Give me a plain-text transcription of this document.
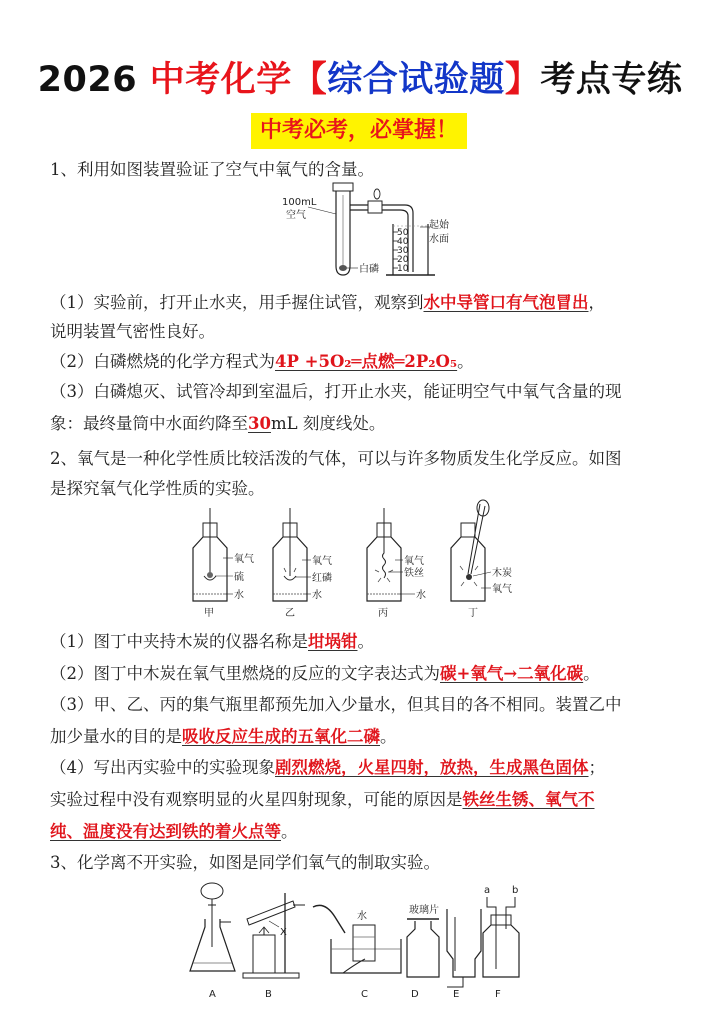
2026 中考化学【综合试验题】考点专练
中考必考，必掌握！
1、利用如图装置验证了空气中氧气的含量。
50
40
30
20
10
100mL
空气
白磷
起始
水面
（1）实验前，打开止水夹，用手握住试管，观察到水中导管口有气泡冒出，
说明装置气密性良好。
（2）白磷燃烧的化学方程式为4P +5O₂═点燃═2P₂O₅。
（3）白磷熄灭、试管冷却到室温后，打开止水夹，能证明空气中氧气含量的现
象：最终量筒中水面约降至30mL 刻度线处。
2、氧气是一种化学性质比较活泼的气体，可以与许多物质发生化学反应。如图
是探究氧气化学性质的实验。
氧气
硫
水
甲
氧气
红磷
水
乙
氧气
铁丝
水
丙
木炭
氧气
丁
（1）图丁中夹持木炭的仪器名称是坩埚钳。
（2）图丁中木炭在氧气里燃烧的反应的文字表达式为碳+氧气→二氧化碳。
（3）甲、乙、丙的集气瓶里都预先加入少量水，但其目的各不相同。装置乙中
加少量水的目的是吸收反应生成的五氧化二磷。
（4）写出丙实验中的实验现象剧烈燃烧，火星四射，放热，生成黑色固体；
实验过程中没有观察明显的火星四射现象，可能的原因是铁丝生锈、氧气不
纯、温度没有达到铁的着火点等。
3、化学离不开实验，如图是同学们氧气的制取实验。
X
水
玻璃片
a b
A	B	C	D	E	F
